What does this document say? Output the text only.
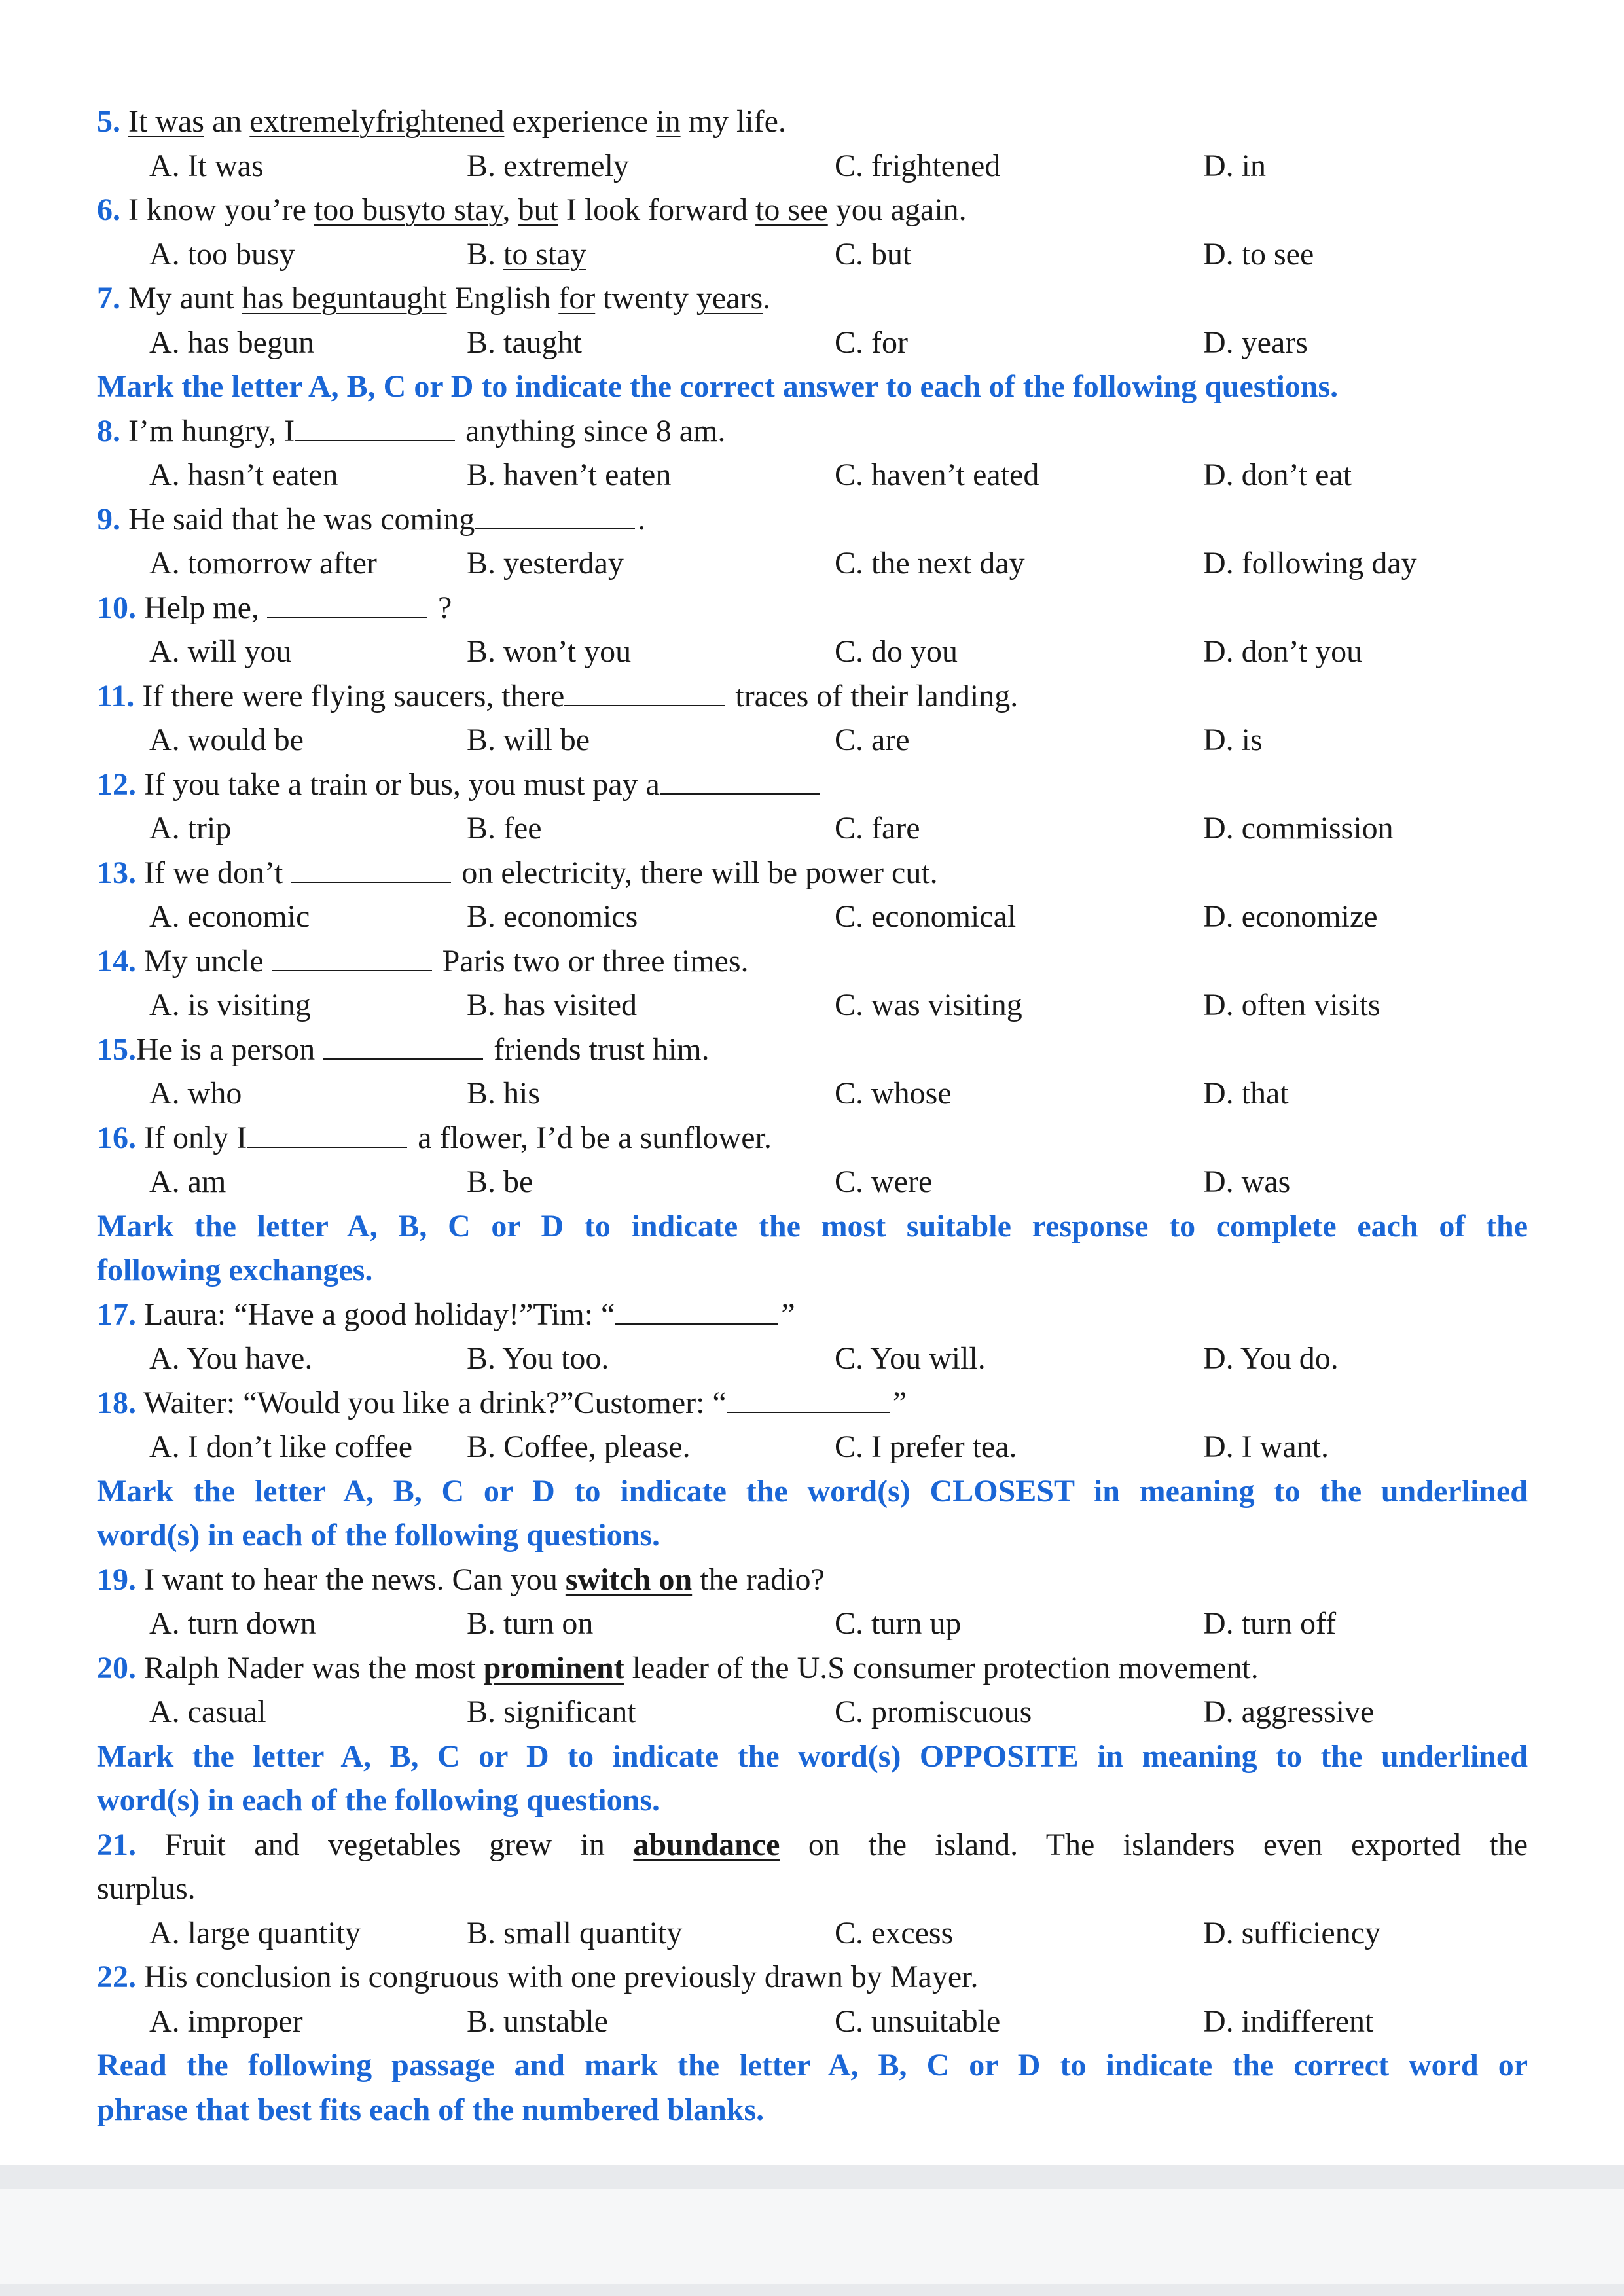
5. It was an extremelyfrightened experience in my life.
A. It was	B. extremely	C. frightened	D. in
6. I know you’re too busyto stay, but I look forward to see you again.
A. too busy	B. to stay	C. but	D. to see
7. My aunt has beguntaught English for twenty years.
A. has begun	B. taught	C. for	D. years
Mark the letter A, B, C or D to indicate the correct answer to each of the following questions.
8. I’m hungry, I	anything since 8 am.
A. hasn’t eaten	B. haven’t eaten	C. haven’t eated	D. don’t eat
9. He said that he was coming	.
A. tomorrow after	B. yesterday	C. the next day	D. following day
10. Help me,	?
A. will you	B. won’t you	C. do you	D. don’t you
11. If there were flying saucers, there	traces of their landing.
A. would be	B. will be	C. are	D. is
12. If you take a train or bus, you must pay a
A. trip	B. fee	C. fare	D. commission
13. If we don’t	on electricity, there will be power cut.
A. economic	B. economics	C. economical	D. economize
14. My uncle	Paris two or three times.
A. is visiting	B. has visited	C. was visiting	D. often visits
15.He is a person	friends trust him.
A. who	B. his	C. whose	D. that
16. If only I	a flower, I’d be a sunflower.
A. am	B. be	C. were	D. was
Mark the letter A, B, C or D to indicate the most suitable response to complete each of the
following exchanges.
17. Laura: “Have a good holiday!”Tim: “	”
A. You have.	B. You too.	C. You will.	D. You do.
18. Waiter: “Would you like a drink?”Customer: “	”
A. I don’t like coffee B. Coffee, please.	C. I prefer tea.	D. I want.
Mark the letter A, B, C or D to indicate the word(s) CLOSEST in meaning to the underlined
word(s) in each of the following questions.
19. I want to hear the news. Can you switch on the radio?
A. turn down	B. turn on	C. turn up	D. turn off
20. Ralph Nader was the most prominent leader of the U.S consumer protection movement.
A. casual	B. significant	C. promiscuous	D. aggressive
Mark the letter A, B, C or D to indicate the word(s) OPPOSITE in meaning to the underlined
word(s) in each of the following questions.
21. Fruit and vegetables grew in abundance on the island. The islanders even exported the
surplus.
A. large quantity	B. small quantity	C. excess	D. sufficiency
22. His conclusion is congruous with one previously drawn by Mayer.
A. improper	B. unstable	C. unsuitable	D. indifferent
Read the following passage and mark the letter A, B, C or D to indicate the correct word or
phrase that best fits each of the numbered blanks.
